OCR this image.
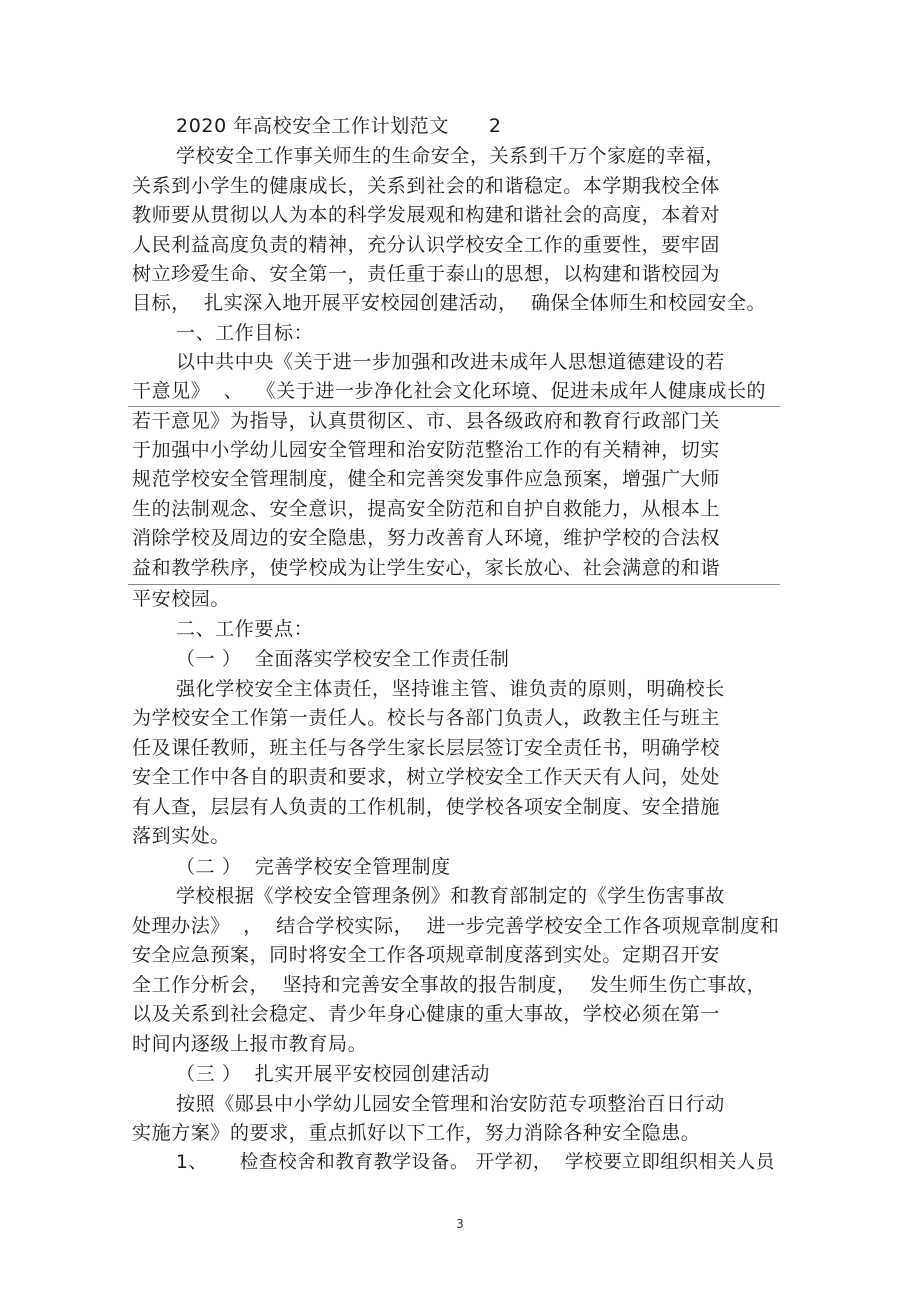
2020 年高校安全工作计划范文      2
学校安全工作事关师生的生命安全，关系到千万个家庭的幸福，
关系到小学生的健康成长，关系到社会的和谐稳定。本学期我校全体
教师要从贯彻以人为本的科学发展观和构建和谐社会的高度，本着对
人民利益高度负责的精神，充分认识学校安全工作的重要性，要牢固
树立珍爱生命、安全第一，责任重于泰山的思想，以构建和谐校园为
目标，  扎实深入地开展平安校园创建活动，  确保全体师生和校园安全。
一、工作目标：
以中共中央《关于进一步加强和改进未成年人思想道德建设的若
干意见》  、  《关于进一步净化社会文化环境、促进未成年人健康成长的
若干意见》为指导，认真贯彻区、市、县各级政府和教育行政部门关
于加强中小学幼儿园安全管理和治安防范整治工作的有关精神，切实
规范学校安全管理制度，健全和完善突发事件应急预案，增强广大师
生的法制观念、安全意识，提高安全防范和自护自救能力，从根本上
消除学校及周边的安全隐患，努力改善育人环境，维护学校的合法权
益和教学秩序，使学校成为让学生安心，家长放心、社会满意的和谐
平安校园。
二、工作要点：
（一 ）  全面落实学校安全工作责任制
强化学校安全主体责任，坚持谁主管、谁负责的原则，明确校长
为学校安全工作第一责任人。校长与各部门负责人，政教主任与班主
任及课任教师，班主任与各学生家长层层签订安全责任书，明确学校
安全工作中各自的职责和要求，树立学校安全工作天天有人问，处处
有人查，层层有人负责的工作机制，使学校各项安全制度、安全措施
落到实处。
（二 ）  完善学校安全管理制度
学校根据《学校安全管理条例》和教育部制定的《学生伤害事故
处理办法》  ，  结合学校实际，  进一步完善学校安全工作各项规章制度和
安全应急预案，同时将安全工作各项规章制度落到实处。定期召开安
全工作分析会，  坚持和完善安全事故的报告制度，  发生师生伤亡事故，
以及关系到社会稳定、青少年身心健康的重大事故，学校必须在第一
时间内逐级上报市教育局。
（三 ）  扎实开展平安校园创建活动
按照《郧县中小学幼儿园安全管理和治安防范专项整治百日行动
实施方案》的要求，重点抓好以下工作，努力消除各种安全隐患。
1、     检查校舍和教育教学设备。 开学初，  学校要立即组织相关人员
3
